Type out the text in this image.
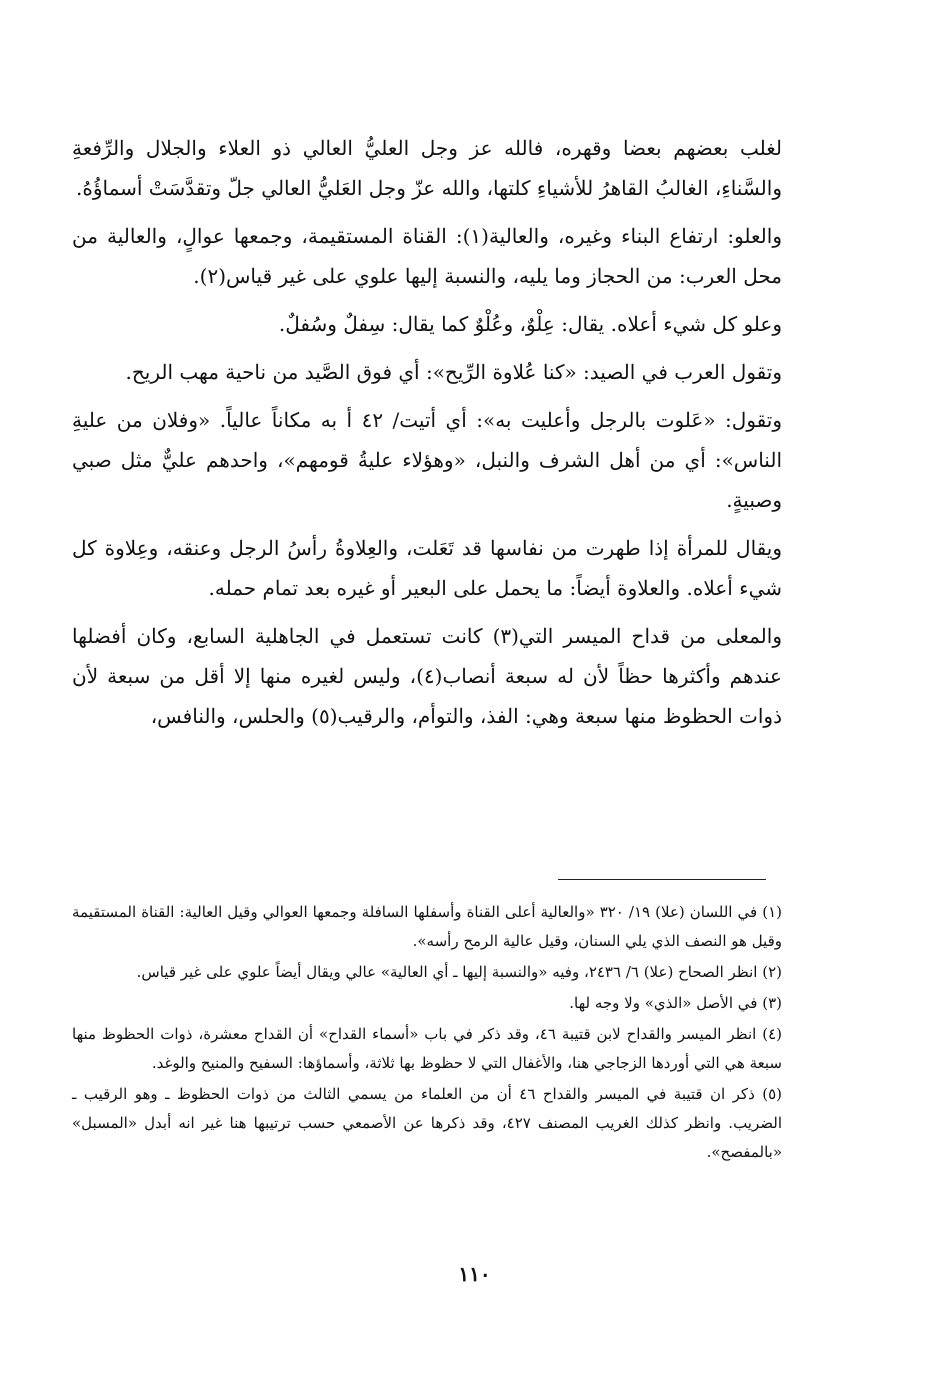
لغلب بعضهم بعضا وقهره، فالله عز وجل العليُّ العالي ذو العلاء والجلال والرِّفعةِ والسَّناءِ، الغالبُ القاهرُ للأشياءِ كلتها، والله عزّ وجل العَليُّ العالي جلّ وتقدَّسَتْ أسماؤُهُ.

والعلو: ارتفاع البناء وغيره، والعالية(١): القناة المستقيمة، وجمعها عوالٍ، والعالية من محل العرب: من الحجاز وما يليه، والنسبة إليها علوي على غير قياس(٢).

وعلو كل شيء أعلاه. يقال: عِلْوٌ، وعُلْوٌ كما يقال: سِفلٌ وسُفلٌ.

وتقول العرب في الصيد: «كنا عُلاوة الرِّيح»: أي فوق الصَّيد من ناحية مهب الريح.

وتقول: «عَلوت بالرجل وأعليت به»: أي أتيت/ ٤٢ أ به مكاناً عالياً. «وفلان من عليةِ الناس»: أي من أهل الشرف والنبل، «وهؤلاء عليةُ قومهم»، واحدهم عليٌّ مثل صبي وصبيةٍ.

ويقال للمرأة إذا طهرت من نفاسها قد تَعَلت، والعِلاوةُ رأسُ الرجل وعنقه، وعِلاوة كل شيء أعلاه. والعلاوة أيضاً: ما يحمل على البعير أو غيره بعد تمام حمله.

والمعلى من قداح الميسر التي(٣) كانت تستعمل في الجاهلية السابع، وكان أفضلها عندهم وأكثرها حظاً لأن له سبعة أنصاب(٤)، وليس لغيره منها إلا أقل من سبعة لأن ذوات الحظوظ منها سبعة وهي: الفذ، والتوأم، والرقيب(٥) والحلس، والنافس،

(١) في اللسان (علا) ١٩/ ٣٢٠ «والعالية أعلى القناة وأسفلها السافلة وجمعها العوالي وقيل العالية: القناة المستقيمة وقيل هو النصف الذي يلي السنان، وقيل عالية الرمح رأسه».

(٢) انظر الصحاح (علا) ٦/ ٢٤٣٦، وفيه «والنسبة إليها ـ أي العالية» عالي ويقال أيضاً علوي على غير قياس.

(٣) في الأصل «الذي» ولا وجه لها.

(٤) انظر الميسر والقداح لابن قتيبة ٤٦، وقد ذكر في باب «أسماء القداح» أن القداح معشرة، ذوات الحظوظ منها سبعة هي التي أوردها الزجاجي هنا، والأغفال التي لا حظوظ بها ثلاثة، وأسماؤها: السفيح والمنيح والوغد.

(٥) ذكر ان قتيبة في الميسر والقداح ٤٦ أن من العلماء من يسمي الثالث من ذوات الحظوظ ـ وهو الرقيب ـ الضريب. وانظر كذلك الغريب المصنف ٤٢٧، وقد ذكرها عن الأصمعي حسب ترتيبها هنا غير انه أبدل «المسبل» «بالمفصح».

١١٠
